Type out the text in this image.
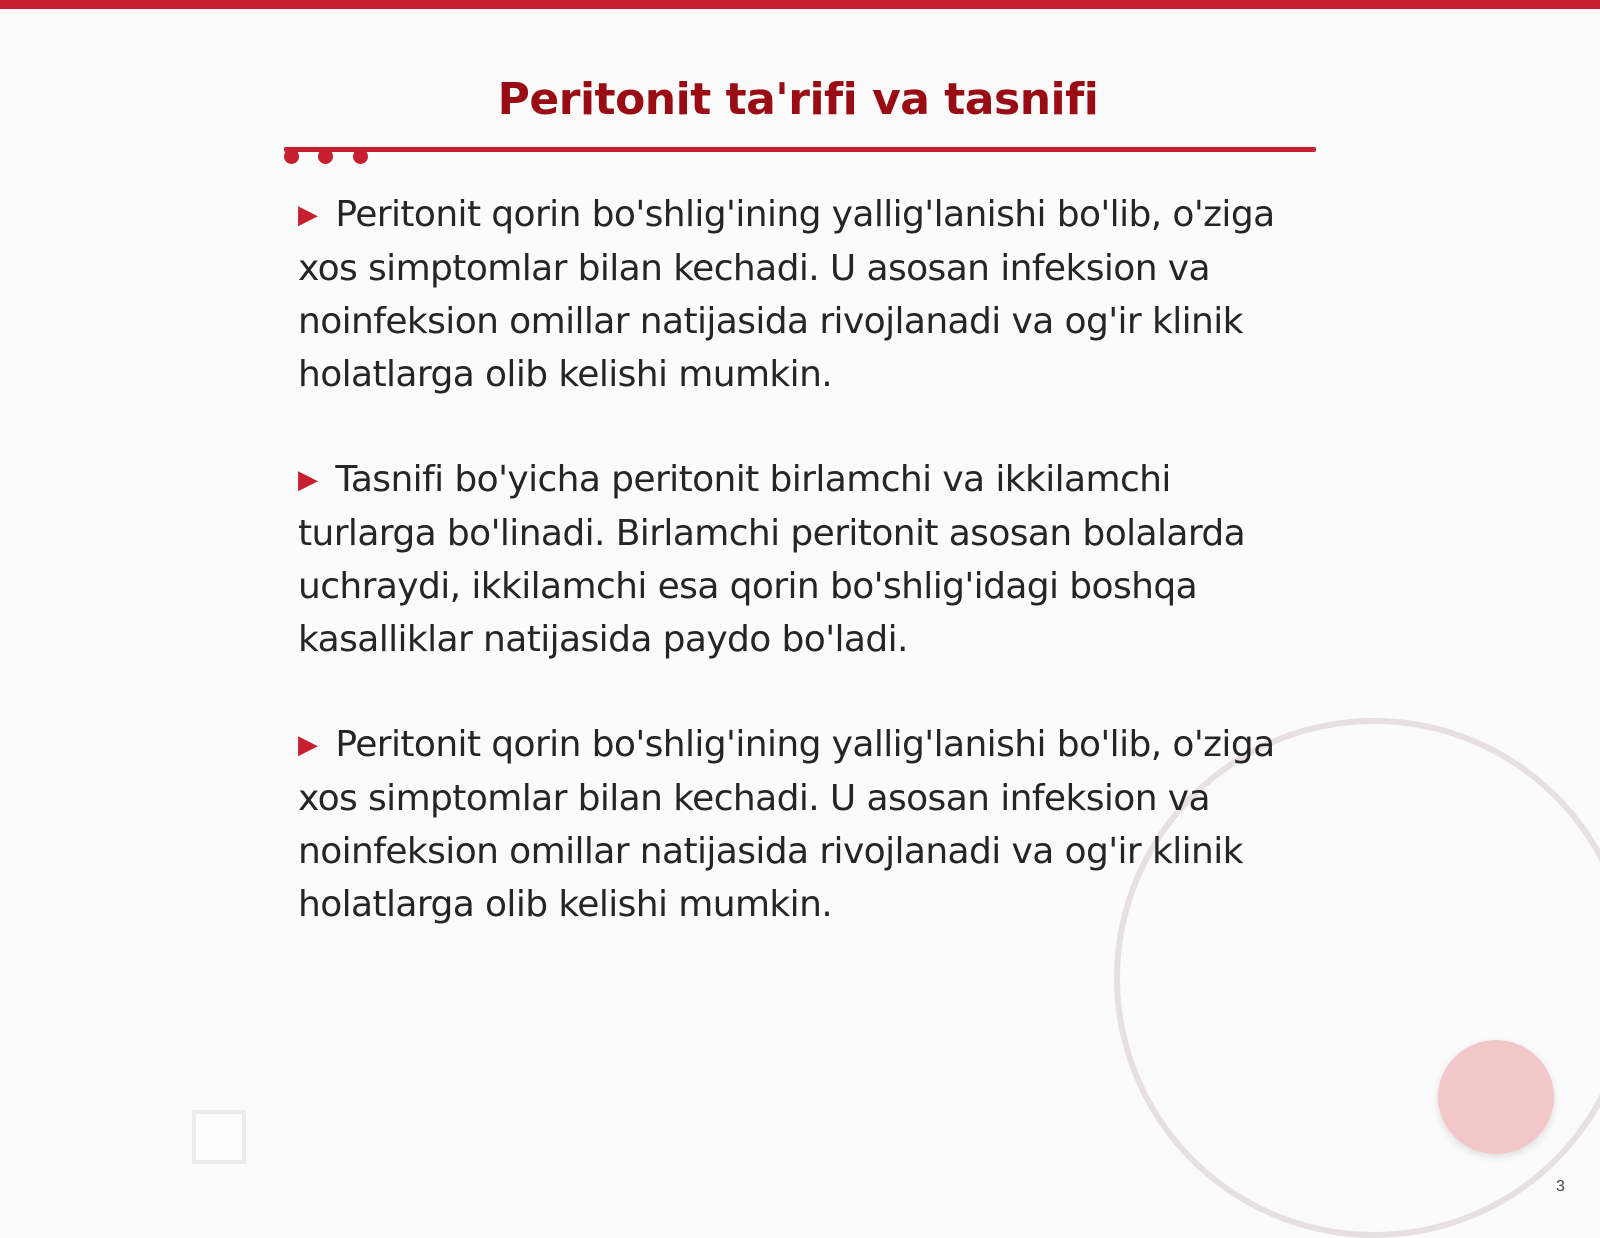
Peritonit ta'rifi va tasnifi

▶ Peritonit qorin bo'shlig'ining yallig'lanishi bo'lib, o'ziga xos simptomlar bilan kechadi. U asosan infeksion va noinfeksion omillar natijasida rivojlanadi va og'ir klinik holatlarga olib kelishi mumkin.

▶ Tasnifi bo'yicha peritonit birlamchi va ikkilamchi turlarga bo'linadi. Birlamchi peritonit asosan bolalarda uchraydi, ikkilamchi esa qorin bo'shlig'idagi boshqa kasalliklar natijasida paydo bo'ladi.

▶ Peritonit qorin bo'shlig'ining yallig'lanishi bo'lib, o'ziga xos simptomlar bilan kechadi. U asosan infeksion va noinfeksion omillar natijasida rivojlanadi va og'ir klinik holatlarga olib kelishi mumkin.

3
